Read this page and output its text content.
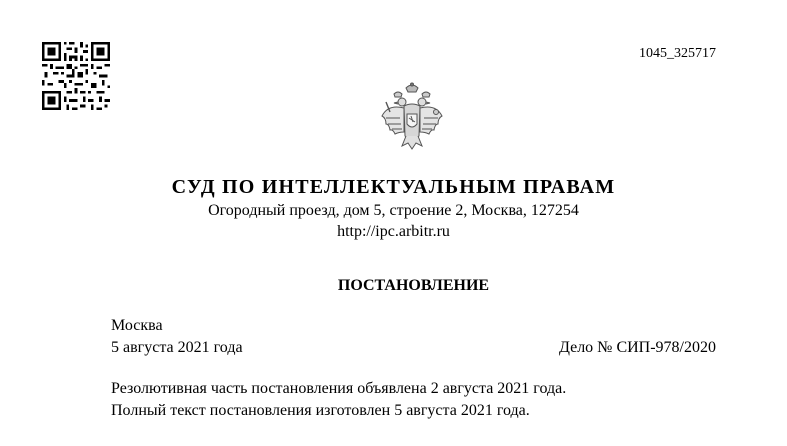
1045_325717
СУД ПО ИНТЕЛЛЕКТУАЛЬНЫМ ПРАВАМ
Огородный проезд, дом 5, строение 2, Москва, 127254
http://ipc.arbitr.ru
ПОСТАНОВЛЕНИЕ
Москва
5 августа 2021 года	Дело № СИП-978/2020
Резолютивная часть постановления объявлена 2 августа 2021 года.
Полный текст постановления изготовлен 5 августа 2021 года.
